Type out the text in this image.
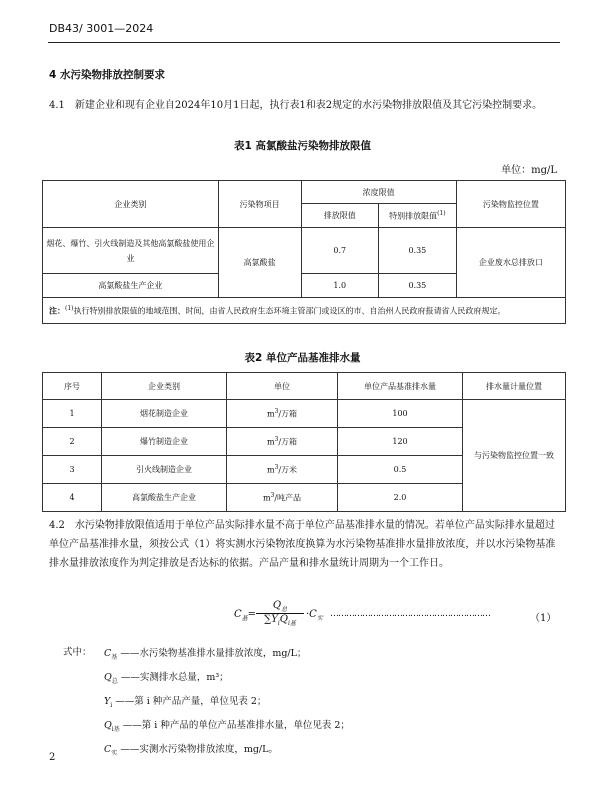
DB43/ 3001—2024
4 水污染物排放控制要求
4.1 新建企业和现有企业自2024年10月1日起，执行表1和表2规定的水污染物排放限值及其它污染控制要求。
表1 高氯酸盐污染物排放限值
单位：mg/L
企业类别	污染物项目	浓度限值		污染物监控位置
		排放限值	特别排放限值$^{(1)}$
烟花、爆竹、引火线制造及其他高氯酸盐使用企业	高氯酸盐	0.7	0.35	企业废水总排放口
高氯酸盐生产企业		1.0	0.35	
注：$^{(1)}$执行特别排放限值的地域范围、时间，由省人民政府生态环境主管部门或设区的市、自治州人民政府报请省人民政府规定。				
表2 单位产品基准排水量
序号	企业类别	单位	单位产品基准排水量	排水量计量位置
1	烟花制造企业	$m^3/$万箱	100	与污染物监控位置一致
2	爆竹制造企业	$m^3/$万箱	120	
3	引火线制造企业	$m^3/$万米	0.5	
4	高氯酸盐生产企业	$m^3/$吨产品	2.0	
4.2 水污染物排放限值适用于单位产品实际排水量不高于单位产品基准排水量的情况。若单位产品实际排水量超过单位产品基准排水量，须按公式（1）将实测水污染物浓度换算为水污染物基准排水量排放浓度，并以水污染物基准排水量排放浓度作为判定排放是否达标的依据。产品产量和排水量统计周期为一个工作日。
$C_基=$
$Q_总$
$\sum Y_iQ_{i基}$
$\cdot C_实$ ……………………………………………………	（1）
式中： $C_基$ ——水污染物基准排水量排放浓度，mg/L；
$Q_总$ ——实测排水总量，m³；
$Y_i$ ——第 i 种产品产量，单位见表 2；
$Q_{i基}$ ——第 i 种产品的单位产品基准排水量，单位见表 2；
$C_实$ ——实测水污染物排放浓度，mg/L。
2
